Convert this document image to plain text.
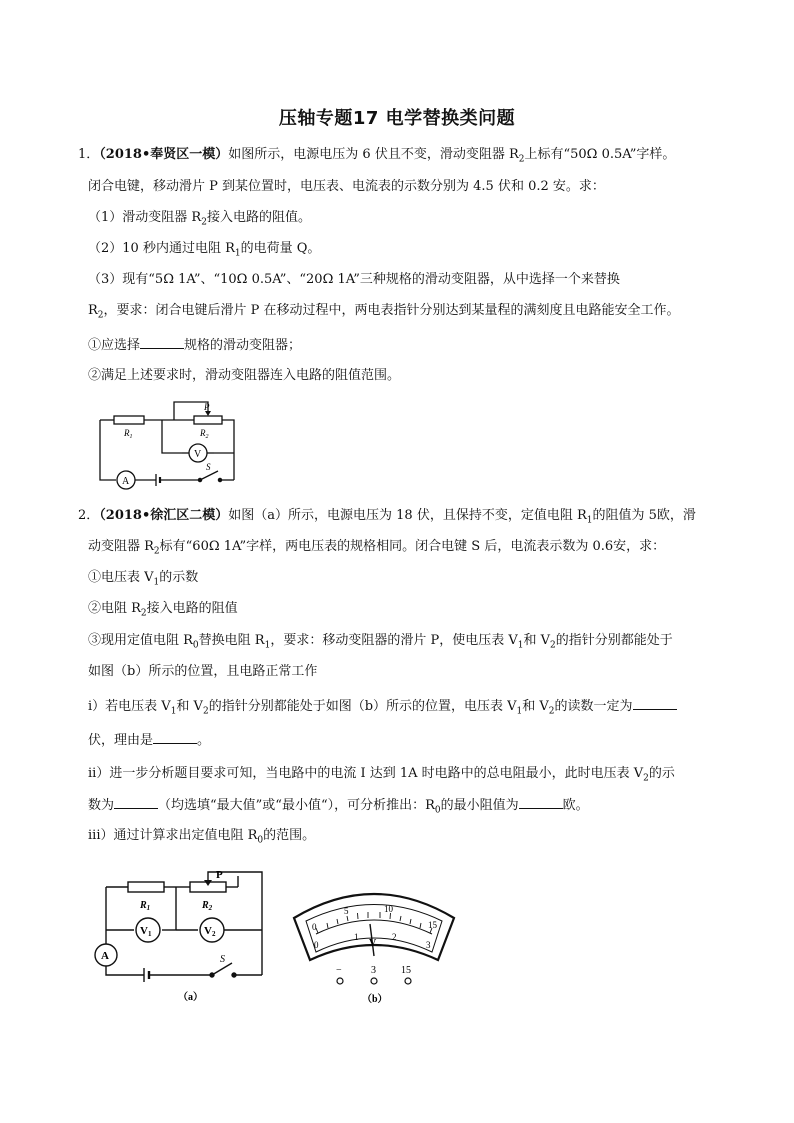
压轴专题17 电学替换类问题
1．（2018•奉贤区一模）如图所示，电源电压为 6 伏且不变，滑动变阻器 $R_2$上标有“50Ω 0.5A”字样。
闭合电键，移动滑片 P 到某位置时，电压表、电流表的示数分别为 4.5 伏和 0.2 安。求：
（1）滑动变阻器 $R_2$接入电路的阻值。
（2）10 秒内通过电阻 $R_1$的电荷量 Q。
（3）现有“5Ω 1A”、“10Ω 0.5A”、“20Ω 1A”三种规格的滑动变阻器，从中选择一个来替换
$R_2$，要求：闭合电键后滑片 P 在移动过程中，两电表指针分别达到某量程的满刻度且电路能安全工作。
①应选择	规格的滑动变阻器；
②满足上述要求时，滑动变阻器连入电路的阻值范围。
P
$R_1$	$R_2$
V
A
S
2．（2018•徐汇区二模）如图（a）所示，电源电压为 18 伏，且保持不变，定值电阻 $R_1$的阻值为 5欧，滑
动变阻器 $R_2$标有“60Ω 1A”字样，两电压表的规格相同。闭合电键 S 后，电流表示数为 0.6安，求：
①电压表 $V_1$的示数
②电阻 $R_2$接入电路的阻值
③现用定值电阻 $R_0$替换电阻 $R_1$，要求：移动变阻器的滑片 P，使电压表 $V_1$和 $V_2$的指针分别都能处于
如图（b）所示的位置，且电路正常工作
i）若电压表 $V_1$和 $V_2$的指针分别都能处于如图（b）所示的位置，电压表 $V_1$和 $V_2$的读数一定为
伏，理由是	。
ii）进一步分析题目要求可知，当电路中的电流 I 达到 1A 时电路中的总电阻最小，此时电压表 $V_2$的示
数为	（均选填“最大值”或“最小值“），可分析推出：$R_0$的最小阻值为	欧。
iii）通过计算求出定值电阻 $R_0$的范围。
P
$R_1$	$R_2$
V1	V2
A	S
（a）
0
5	10
15
0
1	2
3
V
−	3	15
（b）
